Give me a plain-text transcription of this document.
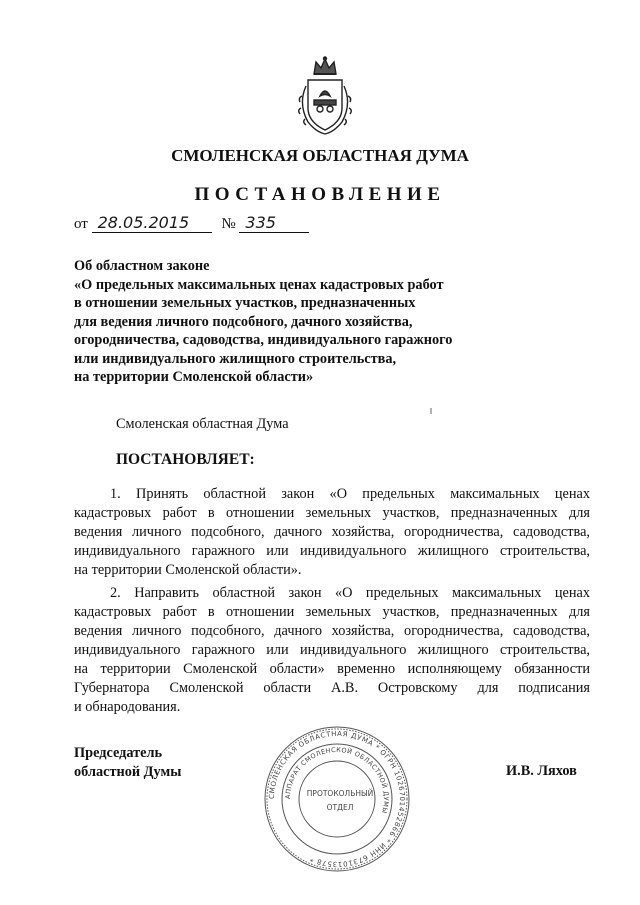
СМОЛЕНСКАЯ ОБЛАСТНАЯ ДУМА
ПОСТАНОВЛЕНИЕ
от 28.05.2015 № 335
Об областном законе
«О предельных максимальных ценах кадастровых работ
в отношении земельных участков, предназначенных
для ведения личного подсобного, дачного хозяйства,
огородничества, садоводства, индивидуального гаражного
или индивидуального жилищного строительства,
на территории Смоленской области»
Смоленская областная Дума
ПОСТАНОВЛЯЕТ:
1. Принять областной закон «О предельных максимальных ценах
кадастровых работ в отношении земельных участков, предназначенных для
ведения личного подсобного, дачного хозяйства, огородничества, садоводства,
индивидуального гаражного или индивидуального жилищного строительства,
на территории Смоленской области».
2. Направить областной закон «О предельных максимальных ценах
кадастровых работ в отношении земельных участков, предназначенных для
ведения личного подсобного, дачного хозяйства, огородничества, садоводства,
индивидуального гаражного или индивидуального жилищного строительства,
на территории Смоленской области» временно исполняющему обязанности
Губернатора Смоленской области А.В. Островскому для подписания
и обнародования.
Председатель
областной Думы	И.В. Ляхов
СМОЛЕНСКАЯ ОБЛАСТНАЯ ДУМА * ОГРН 1026701452866 * ИНН 6731013578 *
АППАРАТ СМОЛЕНСКОЙ ОБЛАСТНОЙ ДУМЫ
ПРОТОКОЛЬНЫЙ
ОТДЕЛ
